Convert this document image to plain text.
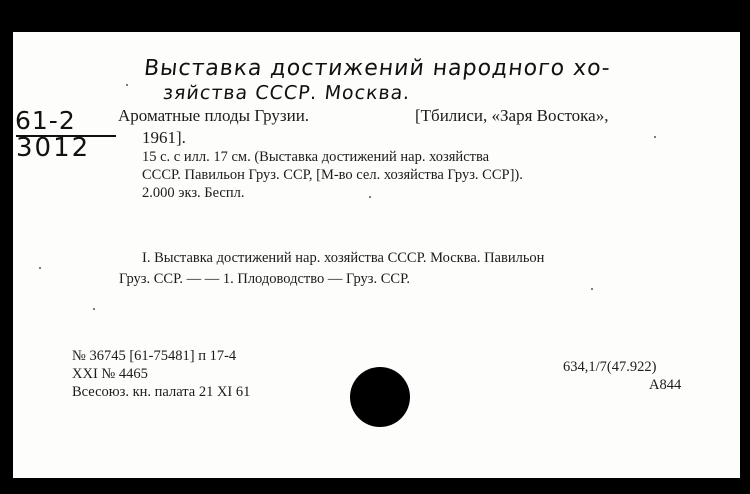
Выставка достижений народного хо-
зяйства СССР. Москва.
61-2
3012
Ароматные плоды Грузии.	[Тбилиси, «Заря Востока»,
1961].
15 с. с илл. 17 см. (Выставка достижений нар. хозяйства
СССР. Павильон Груз. ССР, [М-во сел. хозяйства Груз. ССР]).
2.000 экз. Беспл.
I. Выставка достижений нар. хозяйства СССР. Москва. Павильон
Груз. ССР. — — 1. Плодоводство — Груз. ССР.
№ 36745 [61-75481] п 17-4
XXI № 4465
Всесоюз. кн. палата 21 XI 61
634,1/7(47.922)
А844
